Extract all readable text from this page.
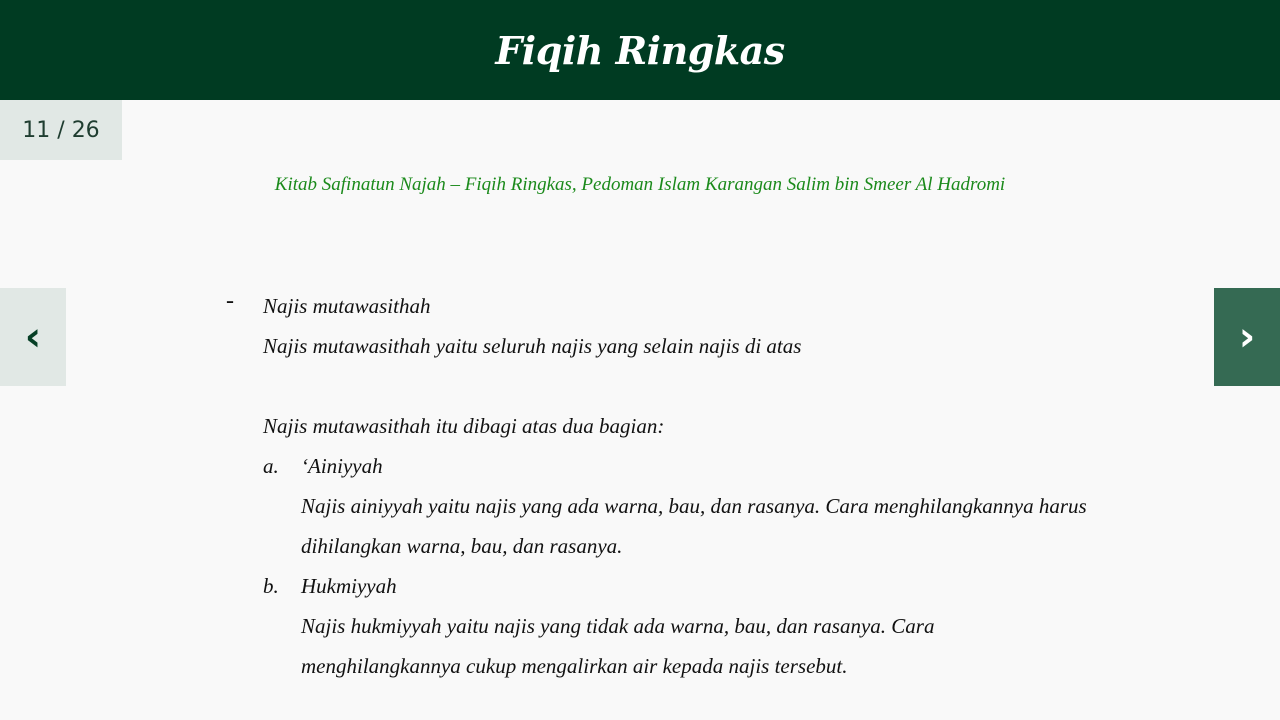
Fiqih Ringkas
11 / 26
Kitab Safinatun Najah – Fiqih Ringkas, Pedoman Islam Karangan Salim bin Smeer Al Hadromi
- Najis mutawasithah
Najis mutawasithah yaitu seluruh najis yang selain najis di atas
Najis mutawasithah itu dibagi atas dua bagian:
a. ‘Ainiyyah
Najis ainiyyah yaitu najis yang ada warna, bau, dan rasanya. Cara menghilangkannya harus
dihilangkan warna, bau, dan rasanya.
b. Hukmiyyah
Najis hukmiyyah yaitu najis yang tidak ada warna, bau, dan rasanya. Cara
menghilangkannya cukup mengalirkan air kepada najis tersebut.
‹	›
